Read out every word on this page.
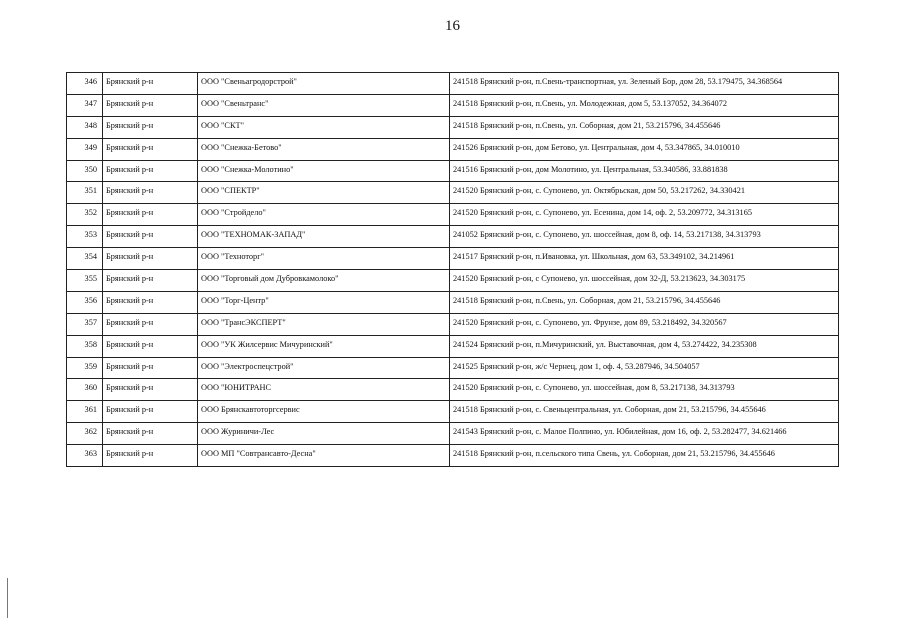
16
346	Брянский р-н	ООО "Свеньагродорстрой"	241518 Брянский р-он, п.Свень-транспортная, ул. Зеленый Бор, дом 28, 53.179475, 34.368564
347	Брянский р-н	ООО "Свеньтранс"	241518 Брянский р-он, п.Свень, ул. Молодежная, дом 5, 53.137052, 34.364072
348	Брянский р-н	ООО "СКТ"	241518 Брянский р-он, п.Свень, ул. Соборная, дом 21, 53.215796, 34.455646
349	Брянский р-н	ООО "Снежка-Бетово"	241526 Брянский р-он, дом Бетово, ул. Центральная, дом 4, 53.347865, 34.010010
350	Брянский р-н	ООО "Снежка-Молотино"	241516 Брянский р-он, дом Молотино, ул. Центральная, 53.340586, 33.881838
351	Брянский р-н	ООО "СПЕКТР"	241520 Брянский р-он, с. Супонево, ул. Октябрьская, дом 50, 53.217262, 34.330421
352	Брянский р-н	ООО "Стройдело"	241520 Брянский р-он, с. Супонево, ул. Есенина, дом 14, оф. 2, 53.209772, 34.313165
353	Брянский р-н	ООО "ТЕХНОМАК-ЗАПАД"	241052 Брянский р-он, с. Супонево, ул. шоссейная, дом 8, оф. 14, 53.217138, 34.313793
354	Брянский р-н	ООО "Техноторг"	241517 Брянский р-он, п.Ивановка, ул. Школьная, дом 63, 53.349102, 34.214961
355	Брянский р-н	ООО "Торговый дом Дубровкамолоко"	241520 Брянский р-он, с Супонево, ул. шоссейная, дом 32-Д, 53.213623, 34.303175
356	Брянский р-н	ООО "Торг-Центр"	241518 Брянский р-он, п.Свень, ул. Соборная, дом 21, 53.215796, 34.455646
357	Брянский р-н	ООО "ТрансЭКСПЕРТ"	241520 Брянский р-он, с. Супонево, ул. Фрунзе, дом 89, 53.218492, 34.320567
358	Брянский р-н	ООО "УК Жилсервис Мичуринский"	241524 Брянский р-он, п.Мичуринский, ул. Выставочная, дом 4, 53.274422, 34.235308
359	Брянский р-н	ООО "Электроспецстрой"	241525 Брянский р-он, ж/с Чернец, дом 1, оф. 4, 53.287946, 34.504057
360	Брянский р-н	ООО "ЮНИТРАНС	241520 Брянский р-он, с. Супонево, ул. шоссейная, дом 8, 53.217138, 34.313793
361	Брянский р-н	ООО Брянскавтоторгсервис	241518 Брянский р-он, с. Свеньцентральная, ул. Соборная, дом 21, 53.215796, 34.455646
362	Брянский р-н	ООО Журиничи-Лес	241543 Брянский р-он, с. Малое Полпино, ул. Юбилейная, дом 16, оф. 2, 53.282477, 34.621466
363	Брянский р-н	ООО МП "Совтрансавто-Десна"	241518 Брянский р-он, п.сельского типа Свень, ул. Соборная, дом 21, 53.215796, 34.455646
